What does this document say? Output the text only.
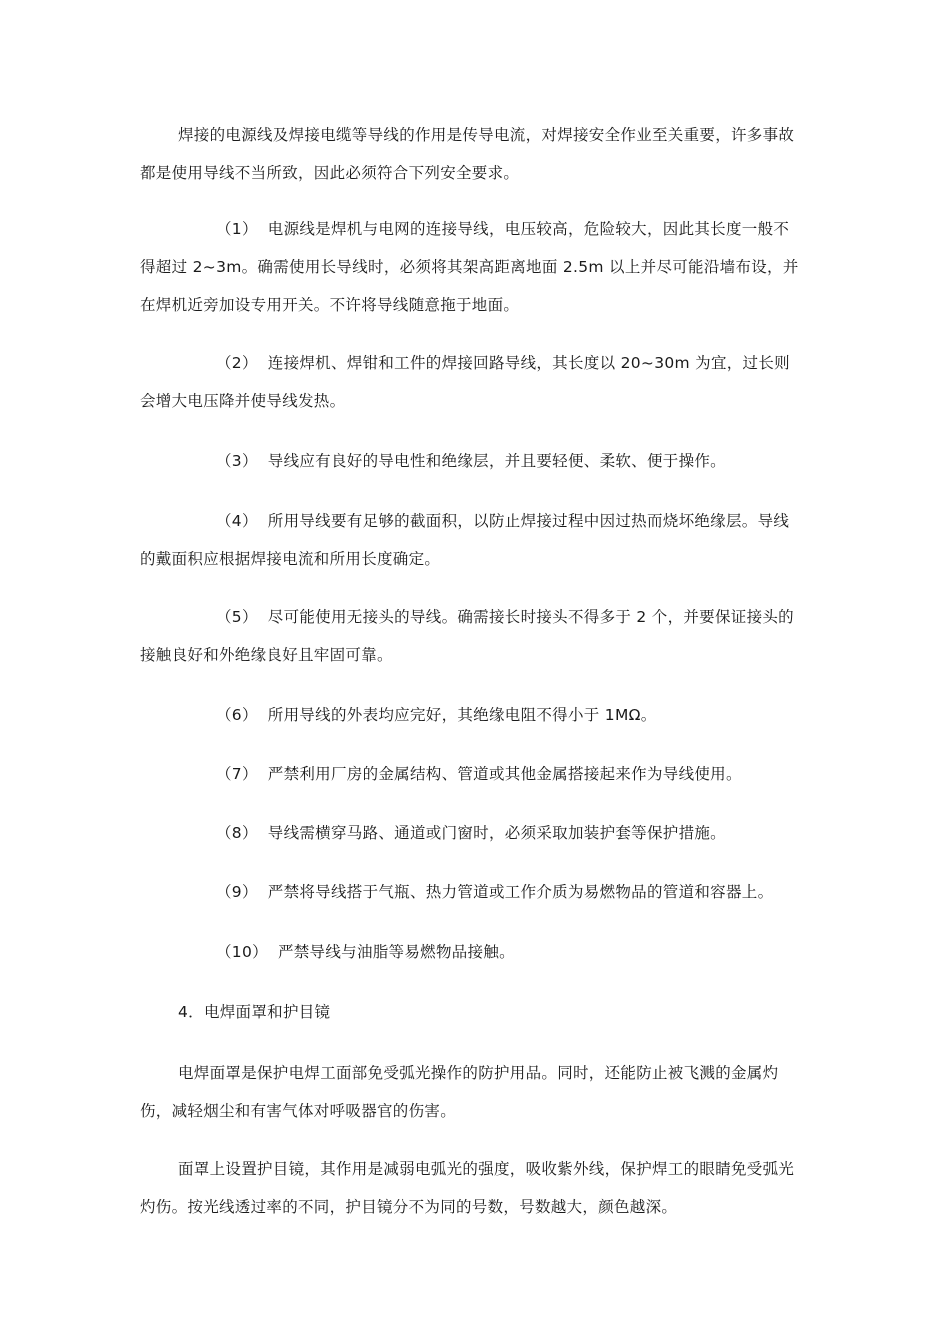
焊接的电源线及焊接电缆等导线的作用是传导电流，对焊接安全作业至关重要，许多事故都是使用导线不当所致，因此必须符合下列安全要求。

（1） 电源线是焊机与电网的连接导线，电压较高，危险较大，因此其长度一般不得超过 2~3m。确需使用长导线时，必须将其架高距离地面 2.5m 以上并尽可能沿墙布设，并在焊机近旁加设专用开关。不许将导线随意拖于地面。

（2） 连接焊机、焊钳和工件的焊接回路导线，其长度以 20~30m 为宜，过长则会增大电压降并使导线发热。

（3） 导线应有良好的导电性和绝缘层，并且要轻便、柔软、便于操作。

（4） 所用导线要有足够的截面积，以防止焊接过程中因过热而烧坏绝缘层。导线的戴面积应根据焊接电流和所用长度确定。

（5） 尽可能使用无接头的导线。确需接长时接头不得多于 2 个，并要保证接头的接触良好和外绝缘良好且牢固可靠。

（6） 所用导线的外表均应完好，其绝缘电阻不得小于 1MΩ。

（7） 严禁利用厂房的金属结构、管道或其他金属搭接起来作为导线使用。

（8） 导线需横穿马路、通道或门窗时，必须采取加装护套等保护措施。

（9） 严禁将导线搭于气瓶、热力管道或工作介质为易燃物品的管道和容器上。

（10） 严禁导线与油脂等易燃物品接触。

4．电焊面罩和护目镜

电焊面罩是保护电焊工面部免受弧光操作的防护用品。同时，还能防止被飞溅的金属灼伤，减轻烟尘和有害气体对呼吸器官的伤害。

面罩上设置护目镜，其作用是减弱电弧光的强度，吸收紫外线，保护焊工的眼睛免受弧光灼伤。按光线透过率的不同，护目镜分不为同的号数，号数越大，颜色越深。
